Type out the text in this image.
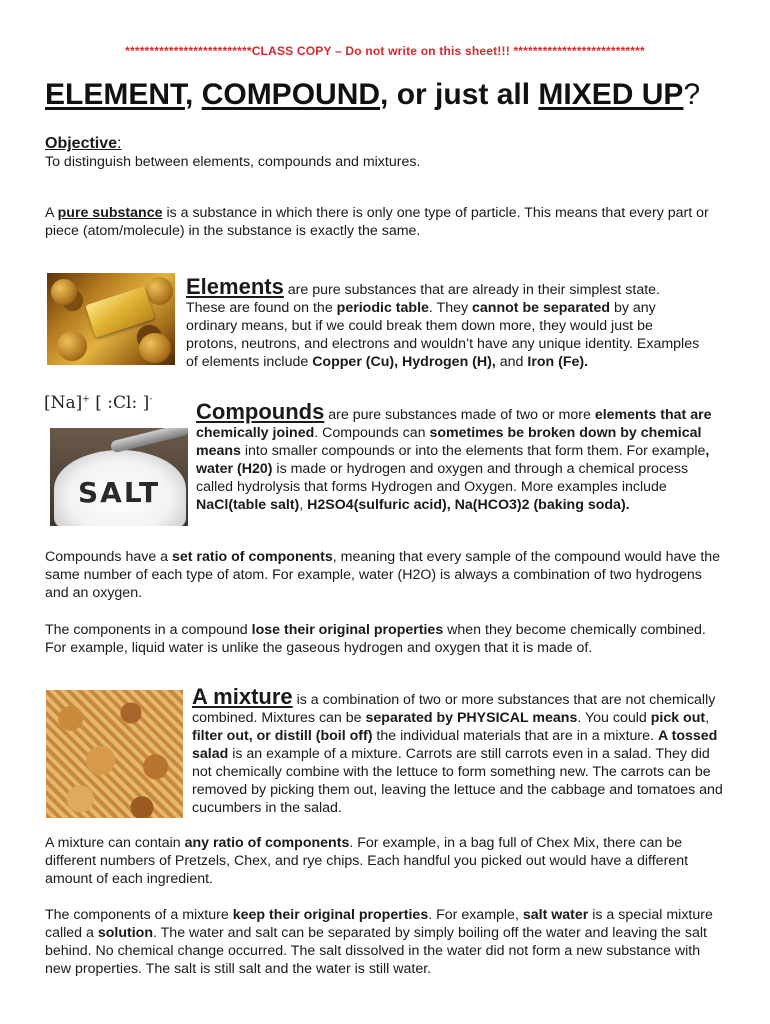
**************************CLASS COPY – Do not write on this sheet!!! ***************************
ELEMENT, COMPOUND, or just all MIXED UP?
Objective:
To distinguish between elements, compounds and mixtures.
A pure substance is a substance in which there is only one type of particle. This means that every part or piece (atom/molecule) in the substance is exactly the same.
Elements are pure substances that are already in their simplest state.
These are found on the periodic table. They cannot be separated by any ordinary means, but if we could break them down more, they would just be protons, neutrons, and electrons and wouldn’t have any unique identity. Examples of elements include Copper (Cu), Hydrogen (H), and Iron (Fe).
[Na]+ [ :Cl: ]-
SALT
Compounds are pure substances made of two or more elements that are chemically joined. Compounds can sometimes be broken down by chemical means into smaller compounds or into the elements that form them. For example, water (H20) is made or hydrogen and oxygen and through a chemical process called hydrolysis that forms Hydrogen and Oxygen. More examples include NaCl(table salt), H2SO4(sulfuric acid), Na(HCO3)2 (baking soda).
Compounds have a set ratio of components, meaning that every sample of the compound would have the same number of each type of atom. For example, water (H2O) is always a combination of two hydrogens and an oxygen.
The components in a compound lose their original properties when they become chemically combined. For example, liquid water is unlike the gaseous hydrogen and oxygen that it is made of.
A mixture is a combination of two or more substances that are not chemically combined. Mixtures can be separated by PHYSICAL means. You could pick out, filter out, or distill (boil off) the individual materials that are in a mixture. A tossed salad is an example of a mixture. Carrots are still carrots even in a salad. They did not chemically combine with the lettuce to form something new. The carrots can be removed by picking them out, leaving the lettuce and the cabbage and tomatoes and cucumbers in the salad.
A mixture can contain any ratio of components. For example, in a bag full of Chex Mix, there can be different numbers of Pretzels, Chex, and rye chips. Each handful you picked out would have a different amount of each ingredient.
The components of a mixture keep their original properties. For example, salt water is a special mixture called a solution. The water and salt can be separated by simply boiling off the water and leaving the salt behind. No chemical change occurred. The salt dissolved in the water did not form a new substance with new properties. The salt is still salt and the water is still water.
